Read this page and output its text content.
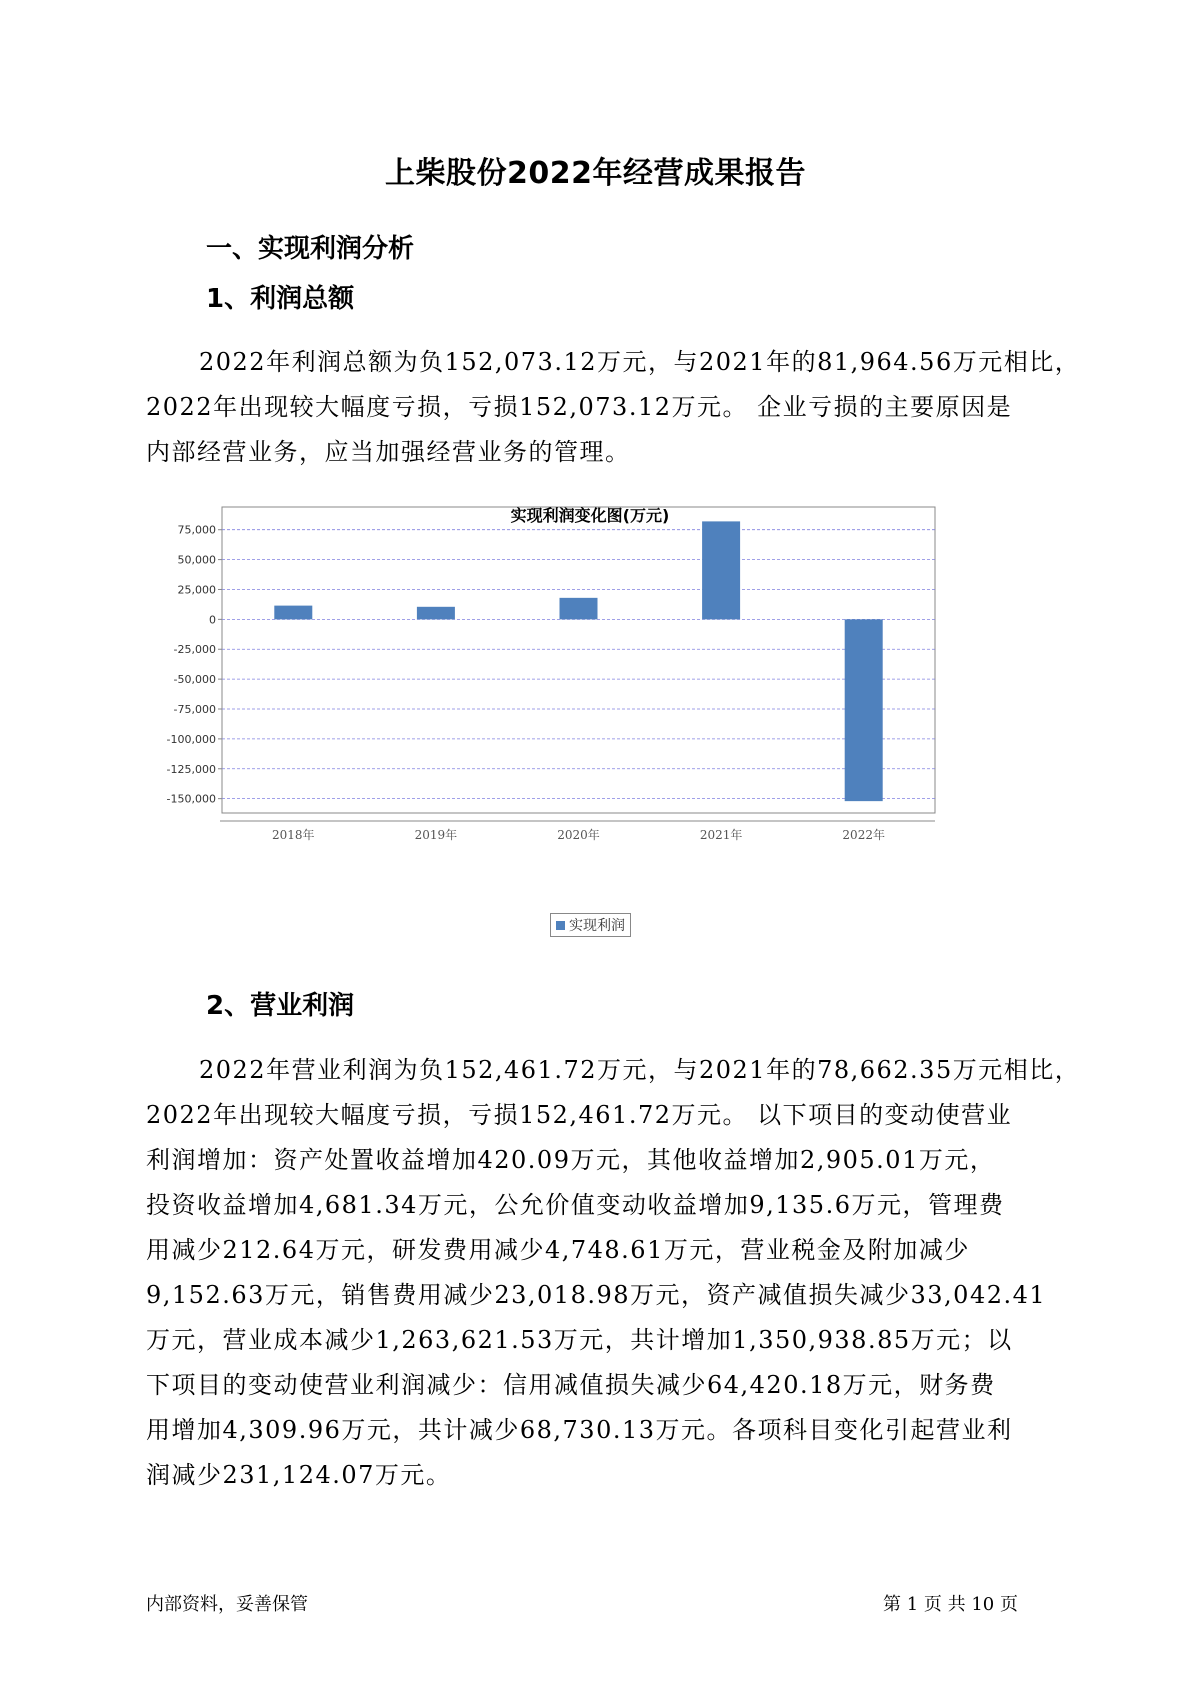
上柴股份2022年经营成果报告
一、实现利润分析
1、利润总额
2022年利润总额为负152,073.12万元，与2021年的81,964.56万元相比，
2022年出现较大幅度亏损，亏损152,073.12万元。 企业亏损的主要原因是
内部经营业务，应当加强经营业务的管理。
75,000
50,000
25,000
0
-25,000
-50,000
-75,000
-100,000
-125,000
-150,000
2018年	2019年	2020年	2021年	2022年
实现利润变化图(万元)
实现利润
2、营业利润
2022年营业利润为负152,461.72万元，与2021年的78,662.35万元相比，
2022年出现较大幅度亏损，亏损152,461.72万元。 以下项目的变动使营业
利润增加：资产处置收益增加420.09万元，其他收益增加2,905.01万元，
投资收益增加4,681.34万元，公允价值变动收益增加9,135.6万元，管理费
用减少212.64万元，研发费用减少4,748.61万元，营业税金及附加减少
9,152.63万元，销售费用减少23,018.98万元，资产减值损失减少33,042.41
万元，营业成本减少1,263,621.53万元，共计增加1,350,938.85万元；以
下项目的变动使营业利润减少：信用减值损失减少64,420.18万元，财务费
用增加4,309.96万元，共计减少68,730.13万元。各项科目变化引起营业利
润减少231,124.07万元。
内部资料，妥善保管	第 1 页 共 10 页
